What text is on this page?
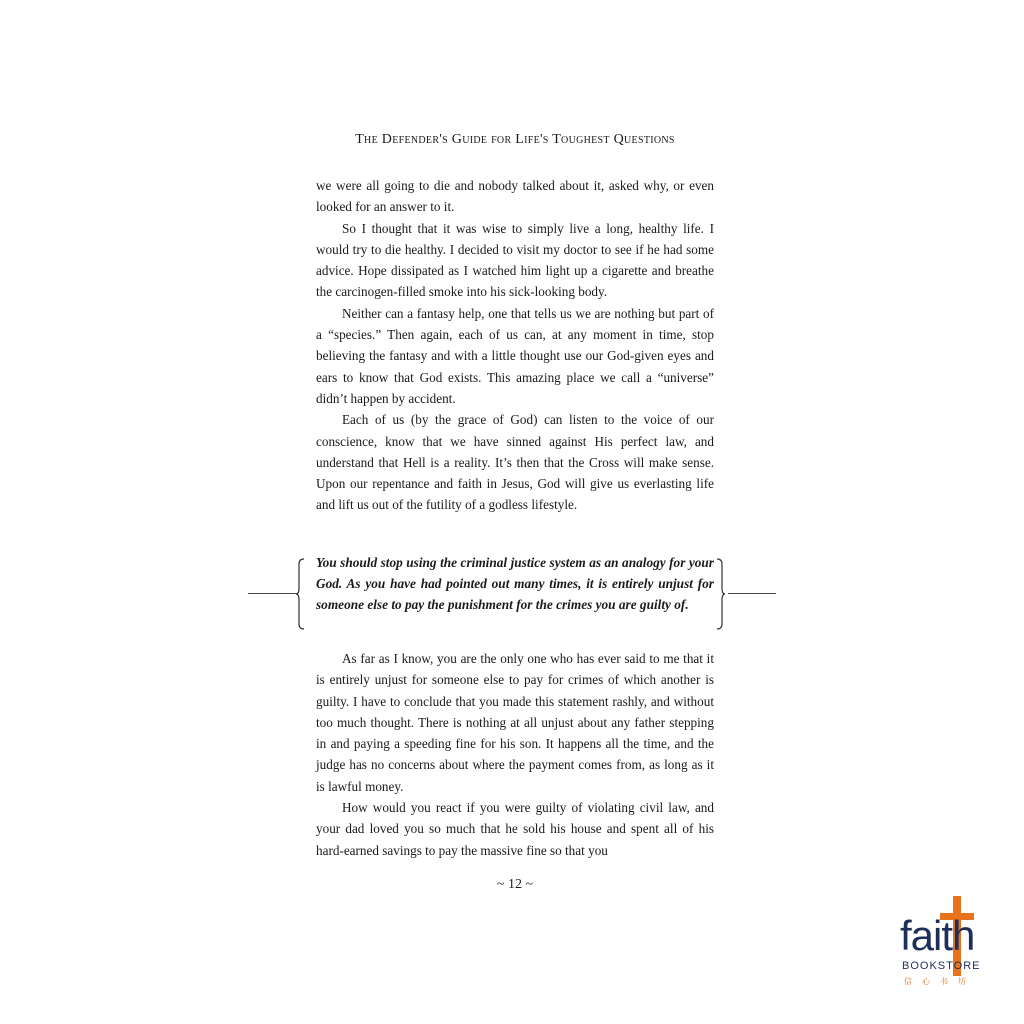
The Defender's Guide for Life's Toughest Questions

we were all going to die and nobody talked about it, asked why, or even looked for an answer to it.

So I thought that it was wise to simply live a long, healthy life. I would try to die healthy. I decided to visit my doctor to see if he had some advice. Hope dissipated as I watched him light up a cigarette and breathe the carcinogen-filled smoke into his sick-looking body.

Neither can a fantasy help, one that tells us we are nothing but part of a “species.” Then again, each of us can, at any moment in time, stop believing the fantasy and with a little thought use our God-given eyes and ears to know that God exists. This amazing place we call a “universe” didn’t happen by accident.

Each of us (by the grace of God) can listen to the voice of our conscience, know that we have sinned against His perfect law, and understand that Hell is a reality. It’s then that the Cross will make sense. Upon our repentance and faith in Jesus, God will give us everlasting life and lift us out of the futility of a godless lifestyle.

You should stop using the criminal justice system as an analogy for your God. As you have had pointed out many times, it is entirely unjust for someone else to pay the punishment for the crimes you are guilty of.

As far as I know, you are the only one who has ever said to me that it is entirely unjust for someone else to pay for crimes of which another is guilty. I have to conclude that you made this statement rashly, and without too much thought. There is nothing at all unjust about any father stepping in and paying a speeding fine for his son. It happens all the time, and the judge has no concerns about where the payment comes from, as long as it is lawful money.

How would you react if you were guilty of violating civil law, and your dad loved you so much that he sold his house and spent all of his hard-earned savings to pay the massive fine so that you

~ 12 ~
faith
BOOKSTORE
信心书坊
